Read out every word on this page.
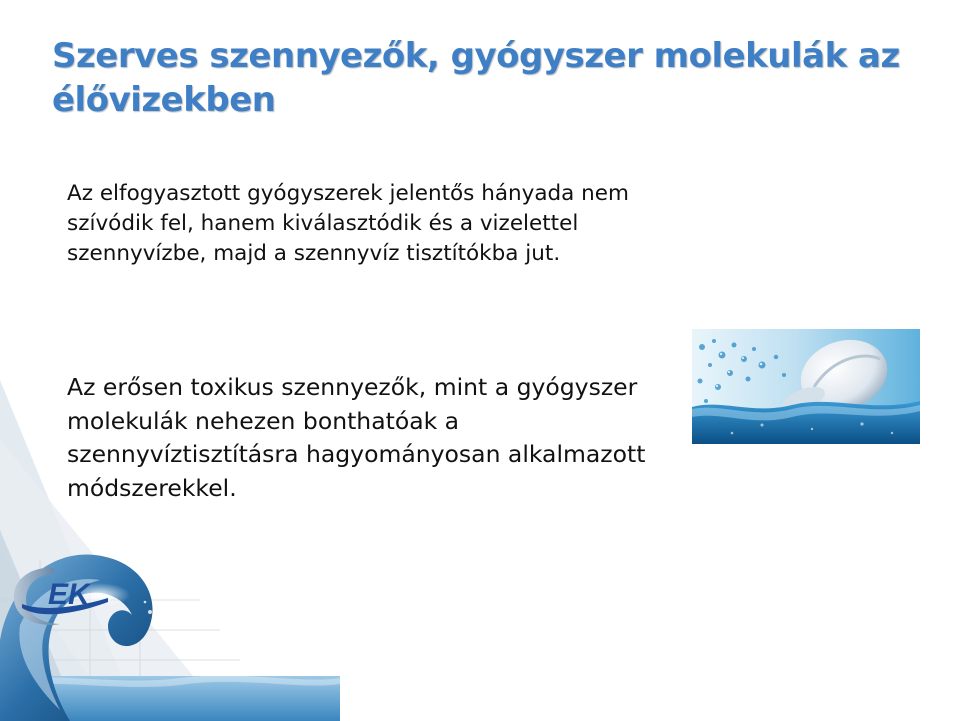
EK
Szerves szennyezők, gyógyszer molekulák az élővizekben
Az elfogyasztott gyógyszerek jelentős hányada nem szívódik fel, hanem kiválasztódik és a vizelettel szennyvízbe, majd a szennyvíz tisztítókba jut.
Az erősen toxikus szennyezők, mint a gyógyszer molekulák nehezen bonthatóak a szennyvíztisztításra hagyományosan alkalmazott módszerekkel.
